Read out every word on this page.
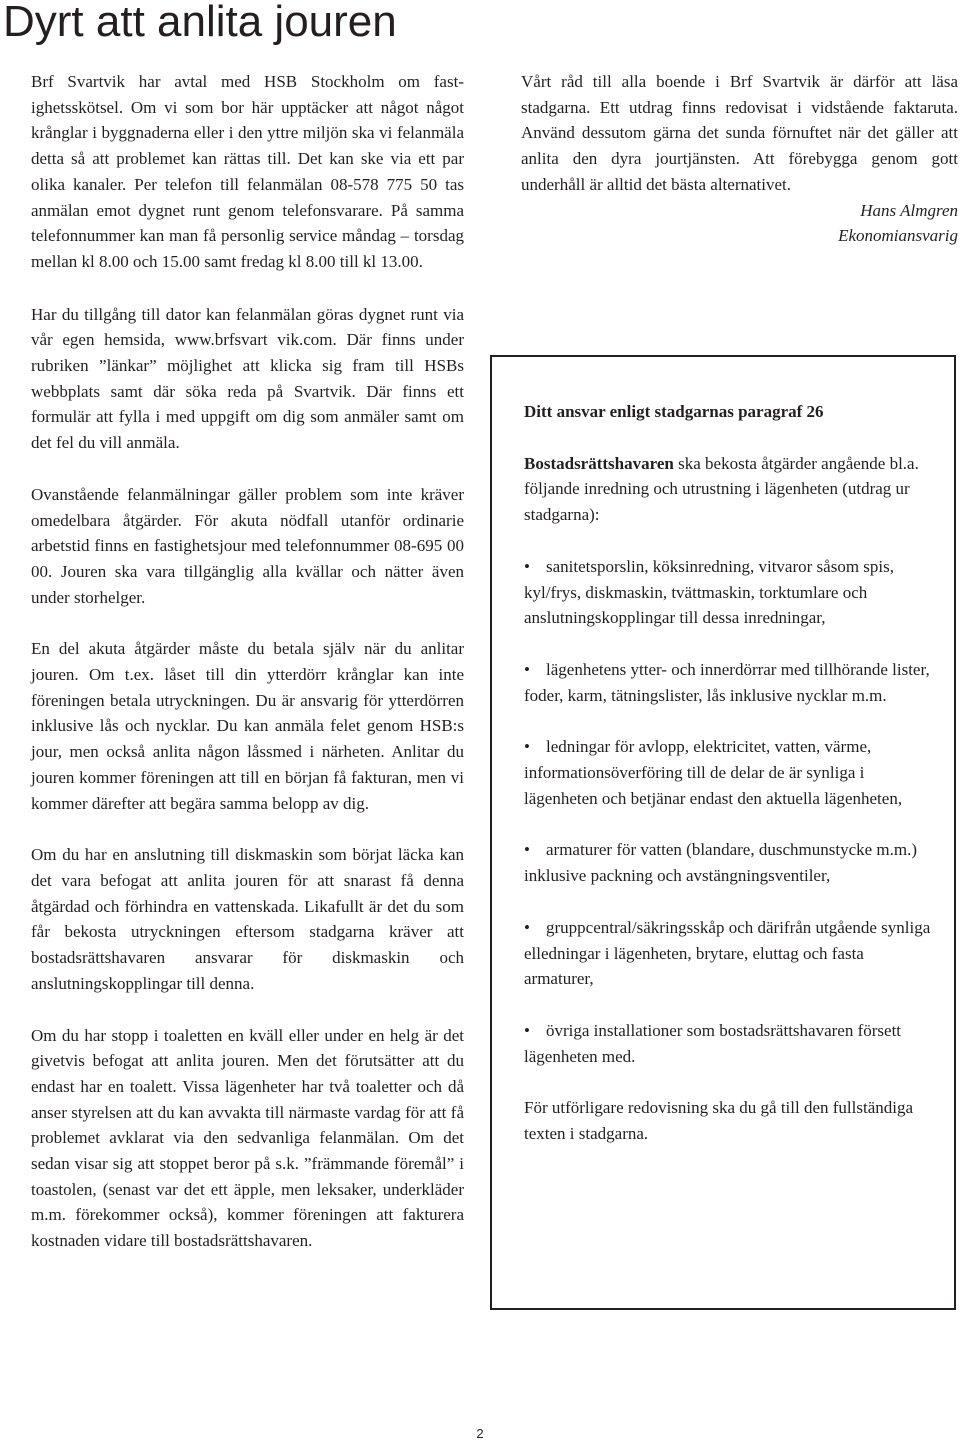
Dyrt att anlita jouren

Brf Svartvik har avtal med HSB Stockholm om fastighetsskötsel. Om vi som bor här upptäcker att något något krånglar i byggnaderna eller i den yttre miljön ska vi felanmäla detta så att problemet kan rättas till. Det kan ske via ett par olika kanaler. Per telefon till felanmälan 08-578 775 50 tas anmälan emot dygnet runt genom telefonsvarare. På samma telefonnummer kan man få personlig service måndag – torsdag mellan kl 8.00 och 15.00 samt fredag kl 8.00 till kl 13.00.

Har du tillgång till dator kan felanmälan göras dygnet runt via vår egen hemsida, www.brfsvart vik.com. Där finns under rubriken ”länkar” möjlighet att klicka sig fram till HSBs webbplats samt där söka reda på Svartvik. Där finns ett formulär att fylla i med uppgift om dig som anmäler samt om det fel du vill anmäla.

Ovanstående felanmälningar gäller problem som inte kräver omedelbara åtgärder. För akuta nödfall utanför ordinarie arbetstid finns en fastighetsjour med telefonnummer 08-695 00 00. Jouren ska vara tillgänglig alla kvällar och nätter även under storhelger.

En del akuta åtgärder måste du betala själv när du anlitar jouren. Om t.ex. låset till din ytterdörr krånglar kan inte föreningen betala utryckningen. Du är ansvarig för ytterdörren inklusive lås och nycklar. Du kan anmäla felet genom HSB:s jour, men också anlita någon låssmed i närheten. Anlitar du jouren kommer föreningen att till en början få fakturan, men vi kommer därefter att begära samma belopp av dig.

Om du har en anslutning till diskmaskin som börjat läcka kan det vara befogat att anlita jouren för att snarast få denna åtgärdad och förhindra en vattenskada. Likafullt är det du som får bekosta utryckningen eftersom stadgarna kräver att bostadsrättshavaren ansvarar för diskmaskin och anslutningskopplingar till denna.

Om du har stopp i toaletten en kväll eller under en helg är det givetvis befogat att anlita jouren. Men det förutsätter att du endast har en toalett. Vissa lägenheter har två toaletter och då anser styrelsen att du kan avvakta till närmaste vardag för att få problemet avklarat via den sedvanliga felanmälan. Om det sedan visar sig att stoppet beror på s.k. ”främmande föremål” i toastolen, (senast var det ett äpple, men leksaker, underkläder m.m. förekommer också), kommer föreningen att fakturera kostnaden vidare till bostadsrättshavaren.

Vårt råd till alla boende i Brf Svartvik är därför att läsa stadgarna. Ett utdrag finns redovisat i vidstående faktaruta. Använd dessutom gärna det sunda förnuftet när det gäller att anlita den dyra jourtjänsten. Att förebygga genom gott underhåll är alltid det bästa alternativet.

Hans Almgren
Ekonomiansvarig

Ditt ansvar enligt stadgarnas paragraf 26

Bostadsrättshavaren ska bekosta åtgärder angående bl.a. följande inredning och utrustning i lägenheten (utdrag ur stadgarna):

• sanitetsporslin, köksinredning, vitvaror såsom spis, kyl/frys, diskmaskin, tvättmaskin, torktumlare och anslutningskopplingar till dessa inredningar,
• lägenhetens ytter- och innerdörrar med tillhörande lister, foder, karm, tätningslister, lås inklusive nycklar m.m.
• ledningar för avlopp, elektricitet, vatten, värme, informationsöverföring till de delar de är synliga i lägenheten och betjänar endast den aktuella lägenheten,
• armaturer för vatten (blandare, duschmunstycke m.m.) inklusive packning och avstängningsventiler,
• gruppcentral/säkringsskåp och därifrån utgående synliga elledningar i lägenheten, brytare, eluttag och fasta armaturer,
• övriga installationer som bostadsrättshavaren försett lägenheten med.

För utförligare redovisning ska du gå till den fullständiga texten i stadgarna.

2
